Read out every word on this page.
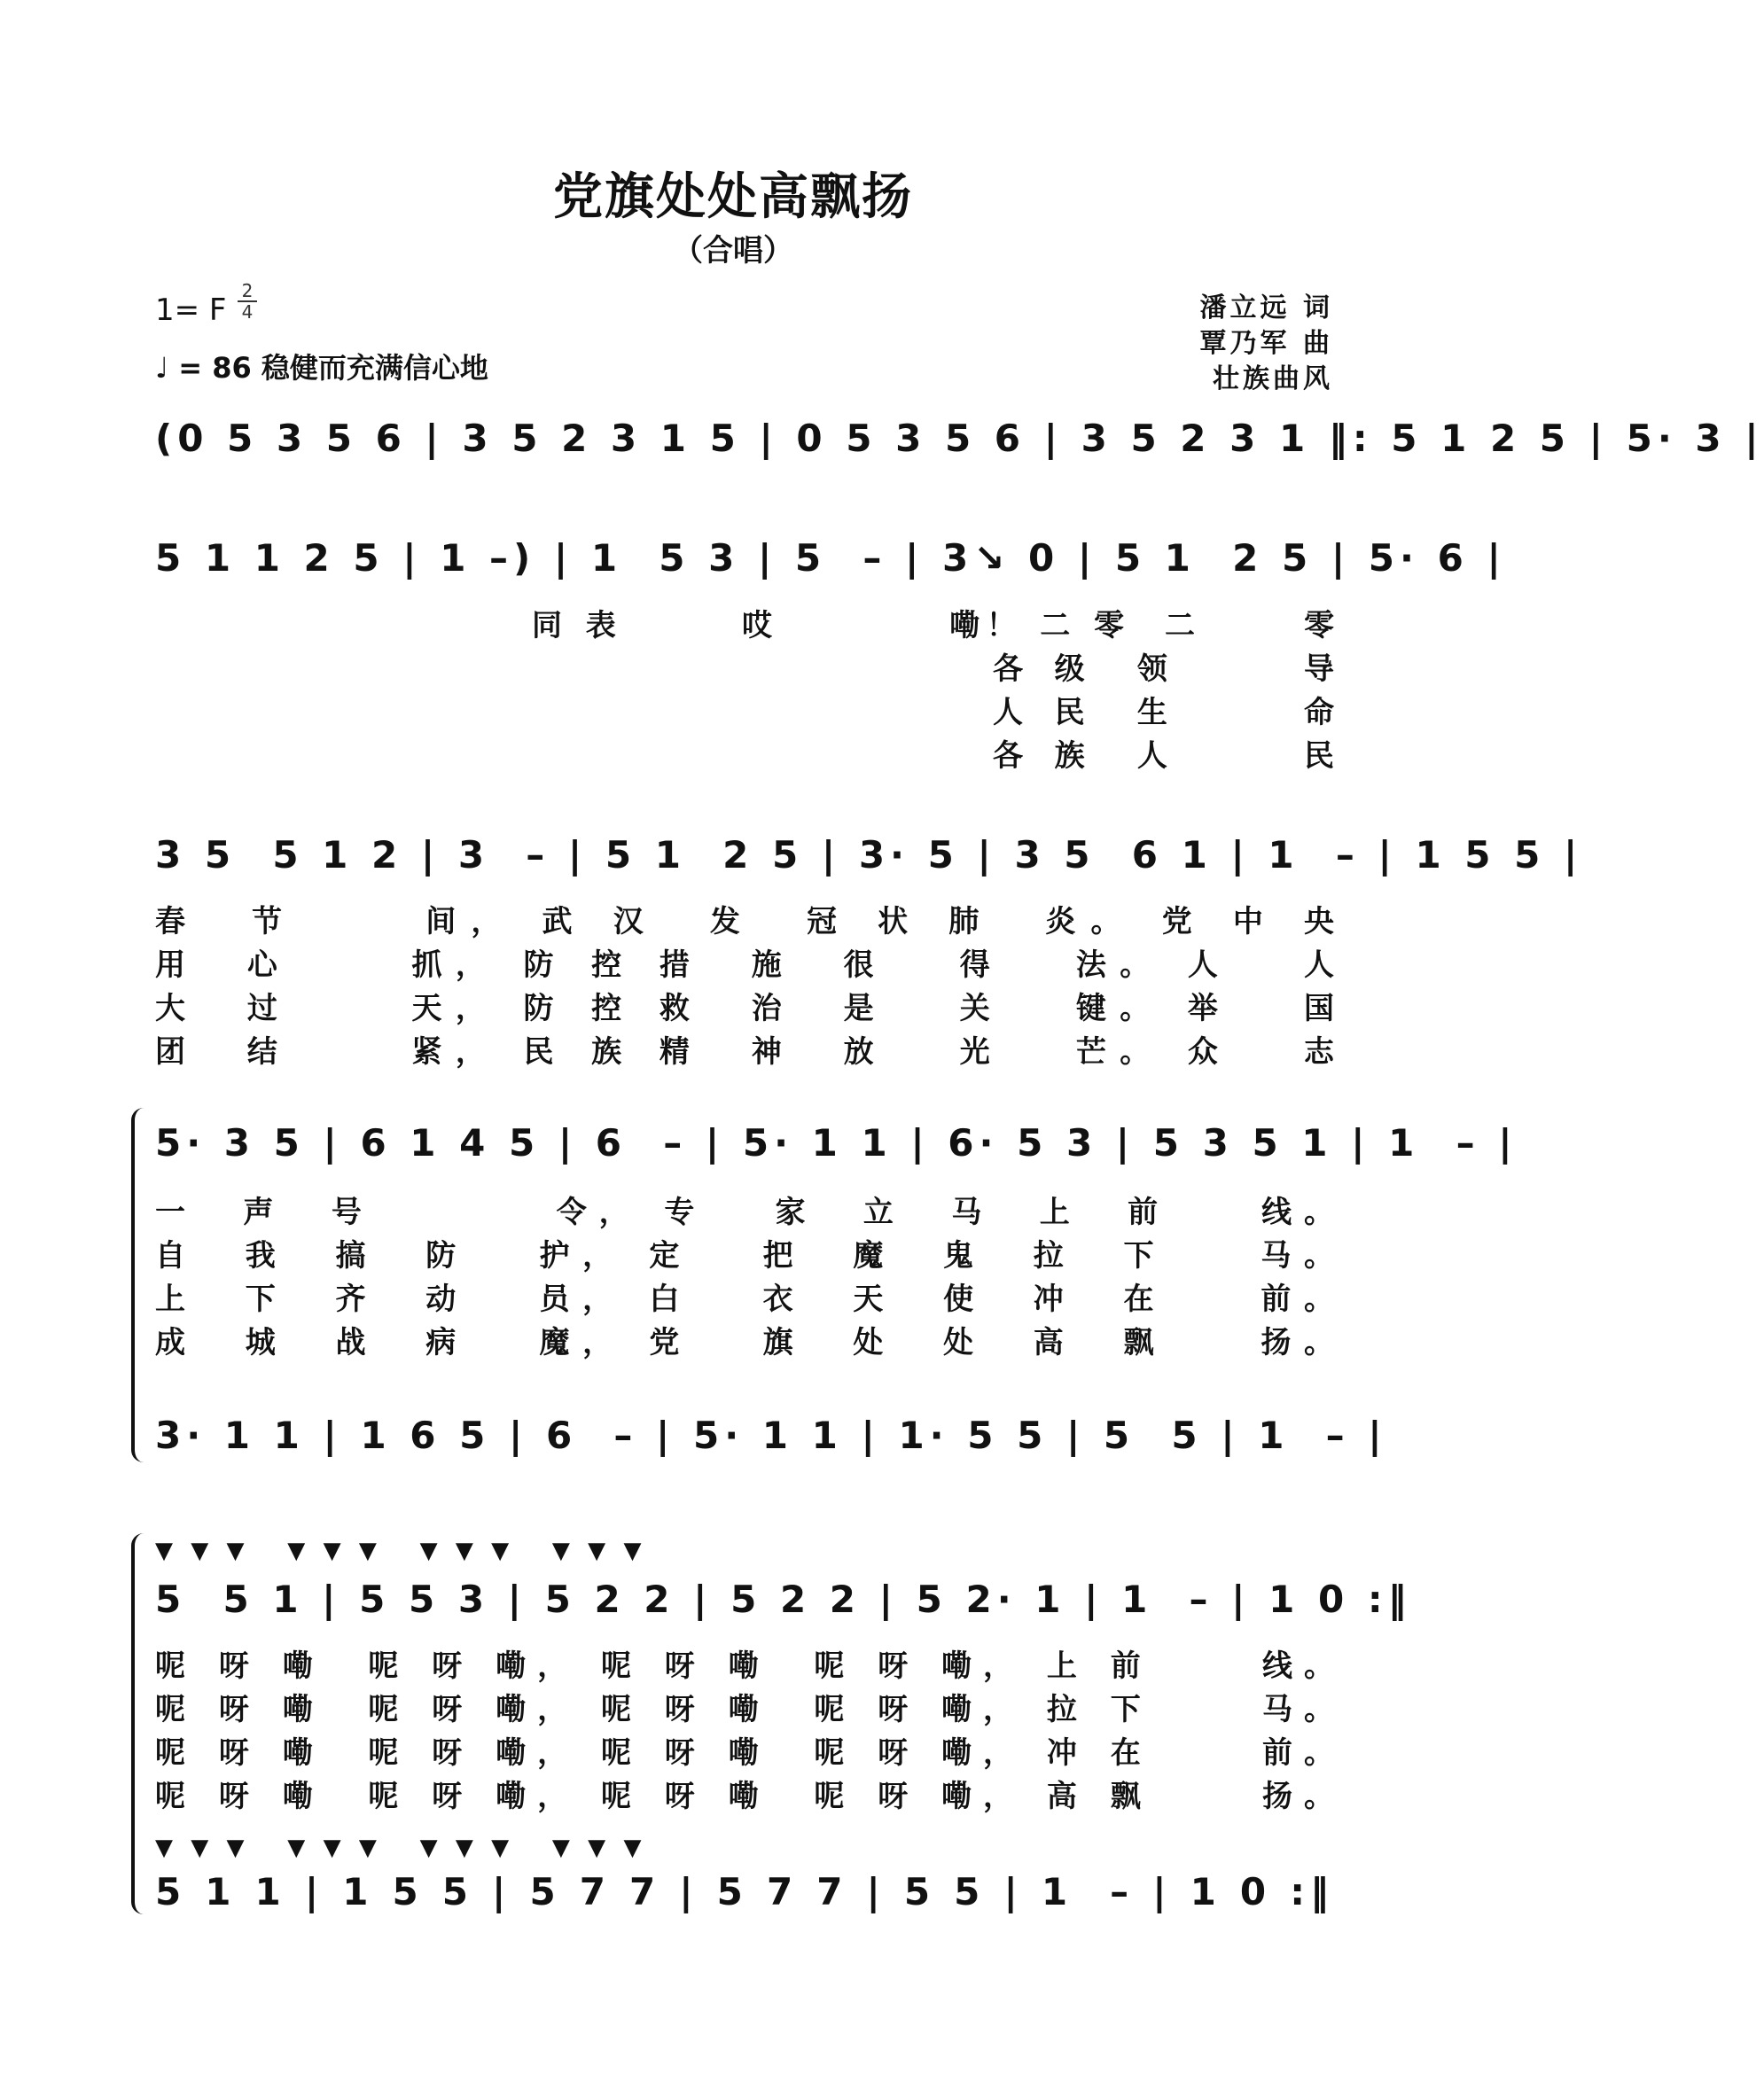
党旗处处高飘扬
（合唱）
1= F
2
4
♩ = 86 稳健而充满信心地
潘立远 词
覃乃军 曲
壮族曲风
(0 5 3 5 6 | 3 5 2 3 1 5 | 0 5 3 5 6 | 3 5 2 3 1 ‖: 5 1 2 5 | 5· 3 |
5 1 1 2 5 | 1 –) | 1  5 3 | 5  – | 3↘ 0 | 5 1  2 5 | 5· 6 |
同 表       哎          嘞！ 二 零  二      零
各 级  领      导
人 民  生      命
各 族  人      民
3 5  5 1 2 | 3  – | 5 1  2 5 | 3· 5 | 3 5  6 1 | 1  – | 1 5 5 |
春  节     间， 武 汉  发  冠 状 肺  炎。 党 中 央
用  心     抓， 防 控 措  施  很   得   法。 人   人
大  过     天， 防 控 救  治  是   关   键。 举   国
团  结     紧， 民 族 精  神  放   光   芒。 众   志
5· 3 5 | 6 1 4 5 | 6  – | 5· 1 1 | 6· 5 3 | 5 3 5 1 | 1  – |
一  声  号        令， 专   家  立  马  上  前    线。
自  我  搞  防   护， 定   把  魔  鬼  拉  下    马。
上  下  齐  动   员， 白   衣  天  使  冲  在    前。
成  城  战  病   魔， 党   旗  处  处  高  飘    扬。
3· 1 1 | 1 6 5 | 6  – | 5· 1 1 | 1· 5 5 | 5  5 | 1  – |
▼ ▼ ▼   ▼ ▼ ▼   ▼ ▼ ▼   ▼ ▼ ▼
5  5 1 | 5 5 3 | 5 2 2 | 5 2 2 | 5 2· 1 | 1  – | 1 0 :‖
呢 呀 嘞  呢 呀 嘞， 呢 呀 嘞  呢 呀 嘞， 上 前     线。
呢 呀 嘞  呢 呀 嘞， 呢 呀 嘞  呢 呀 嘞， 拉 下     马。
呢 呀 嘞  呢 呀 嘞， 呢 呀 嘞  呢 呀 嘞， 冲 在     前。
呢 呀 嘞  呢 呀 嘞， 呢 呀 嘞  呢 呀 嘞， 高 飘     扬。
▼ ▼ ▼   ▼ ▼ ▼   ▼ ▼ ▼   ▼ ▼ ▼
5 1 1 | 1 5 5 | 5 7 7 | 5 7 7 | 5 5 | 1  – | 1 0 :‖
